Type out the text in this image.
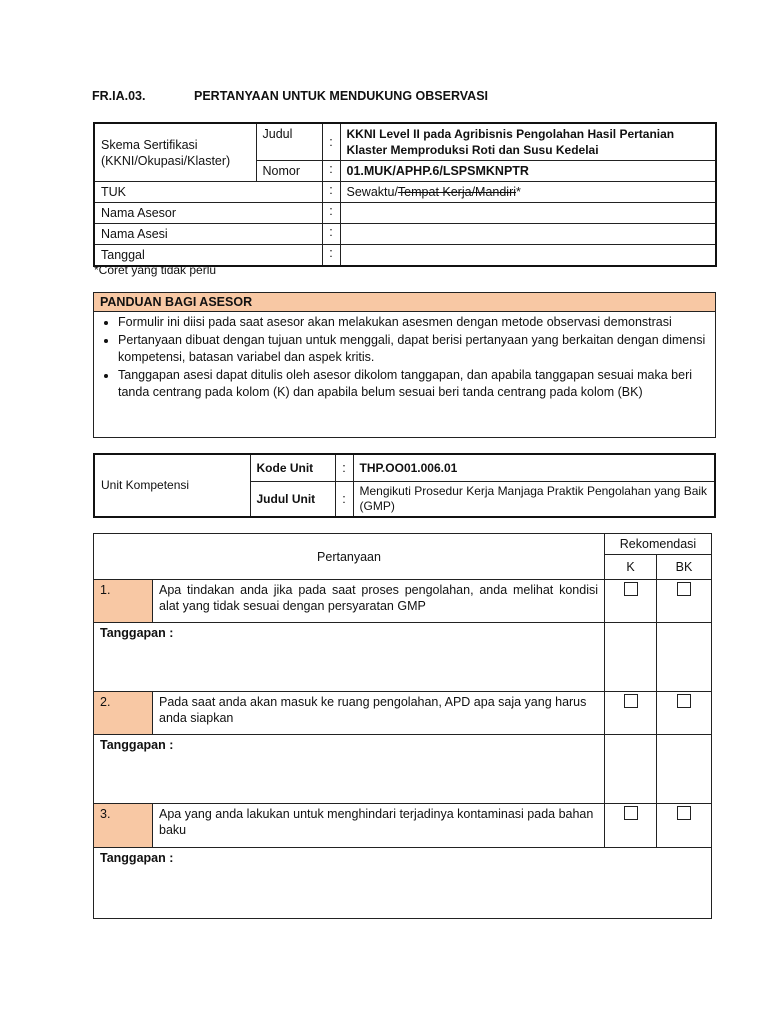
FR.IA.03.	PERTANYAAN UNTUK MENDUKUNG OBSERVASI
Skema Sertifikasi (KKNI/Okupasi/Klaster)	Judul	:	KKNI Level II pada Agribisnis Pengolahan Hasil Pertanian Klaster Memproduksi Roti dan Susu Kedelai
	Nomor	:	01.MUK/APHP.6/LSPSMKNPTR
TUK		:	Sewaktu/Tempat Kerja/Mandiri*
Nama Asesor		:	
Nama Asesi		:	
Tanggal		:	
*Coret yang tidak perlu
PANDUAN BAGI ASESOR
• Formulir ini diisi pada saat asesor akan melakukan asesmen dengan metode observasi demonstrasi
• Pertanyaan dibuat dengan tujuan untuk menggali, dapat berisi pertanyaan yang berkaitan dengan dimensi kompetensi, batasan variabel dan aspek kritis.
• Tanggapan asesi dapat ditulis oleh asesor dikolom tanggapan, dan apabila tanggapan sesuai maka beri tanda centrang pada kolom (K) dan apabila belum sesuai beri tanda centrang pada kolom (BK)
Unit Kompetensi	Kode Unit	:	THP.OO01.006.01
	Judul Unit	:	Mengikuti Prosedur Kerja Manjaga Praktik Pengolahan yang Baik (GMP)
Pertanyaan		Rekomendasi	
		K	BK
1.	Apa tindakan anda jika pada saat proses pengolahan, anda melihat kondisi alat yang tidak sesuai dengan persyaratan GMP		
Tanggapan :			
2.	Pada saat anda akan masuk ke ruang pengolahan, APD apa saja yang harus anda siapkan		
Tanggapan :			
3.	Apa yang anda lakukan untuk menghindari terjadinya kontaminasi pada bahan baku		
Tanggapan :			
